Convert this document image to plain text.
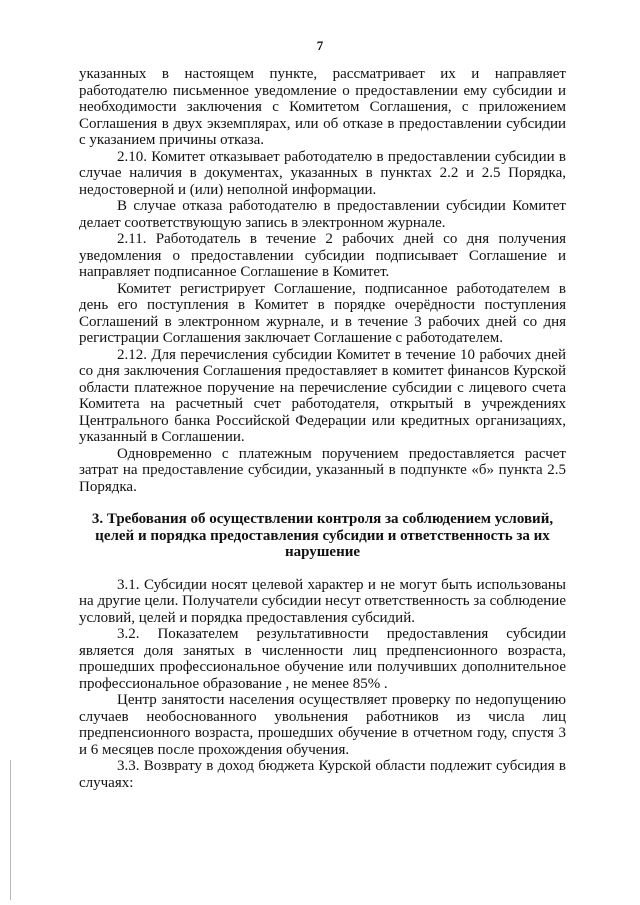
7

указанных в настоящем пункте, рассматривает их и направляет работодателю письменное уведомление о предоставлении ему субсидии и необходимости заключения с Комитетом Соглашения, с приложением Соглашения в двух экземплярах, или об отказе в предоставлении субсидии с указанием причины отказа.

2.10. Комитет отказывает работодателю в предоставлении субсидии в случае наличия в документах, указанных в пунктах 2.2 и 2.5 Порядка, недостоверной и (или) неполной информации.

В случае отказа работодателю в предоставлении субсидии Комитет делает соответствующую запись в электронном журнале.

2.11. Работодатель в течение 2 рабочих дней со дня получения уведомления о предоставлении субсидии подписывает Соглашение и направляет подписанное Соглашение в Комитет.

Комитет регистрирует Соглашение, подписанное работодателем в день его поступления в Комитет в порядке очерёдности поступления Соглашений в электронном журнале, и в течение 3 рабочих дней со дня регистрации Соглашения заключает Соглашение с работодателем.

2.12. Для перечисления субсидии Комитет в течение 10 рабочих дней со дня заключения Соглашения предоставляет в комитет финансов Курской области платежное поручение на перечисление субсидии с лицевого счета Комитета на расчетный счет работодателя, открытый в учреждениях Центрального банка Российской Федерации или кредитных организациях, указанный в Соглашении.

Одновременно с платежным поручением предоставляется расчет затрат на предоставление субсидии, указанный в подпункте «б» пункта 2.5 Порядка.

3. Требования об осуществлении контроля за соблюдением условий, целей и порядка предоставления субсидии и ответственность за их нарушение

3.1. Субсидии носят целевой характер и не могут быть использованы на другие цели. Получатели субсидии несут ответственность за соблюдение условий, целей и порядка предоставления субсидий.

3.2. Показателем результативности предоставления субсидии является доля занятых в численности лиц предпенсионного возраста, прошедших профессиональное обучение или получивших дополнительное профессиональное образование , не менее 85% .

Центр занятости населения осуществляет проверку по недопущению случаев необоснованного увольнения работников из числа лиц предпенсионного возраста, прошедших обучение в отчетном году, спустя 3 и 6 месяцев после прохождения обучения.

3.3. Возврату в доход бюджета Курской области подлежит субсидия в случаях:
